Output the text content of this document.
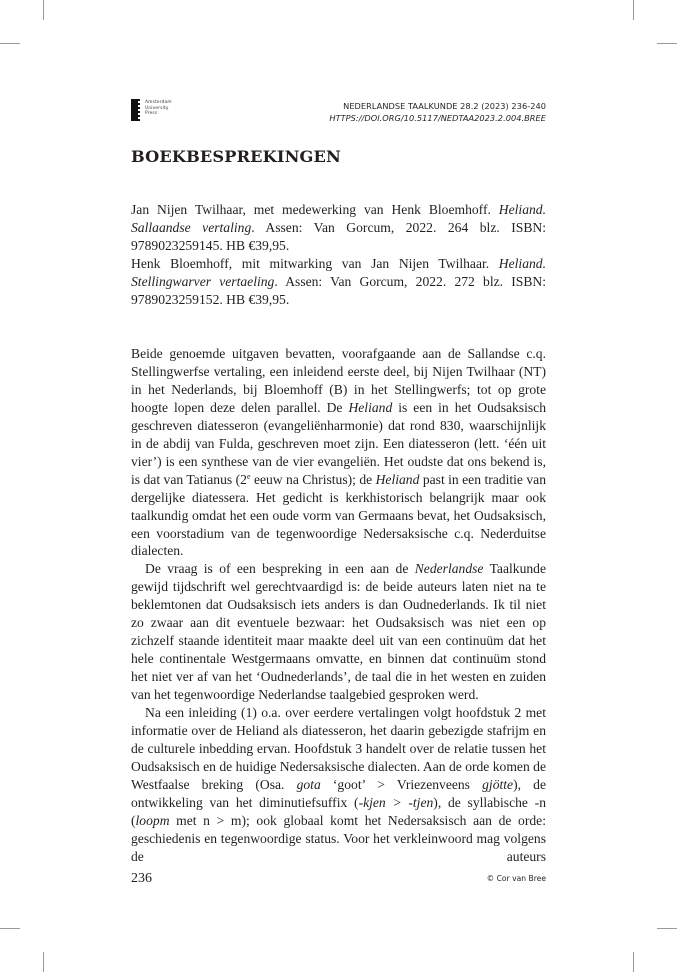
Amsterdam
University
Press
NEDERLANDSE TAALKUNDE 28.2 (2023) 236-240
HTTPS://DOI.ORG/10.5117/NEDTAA2023.2.004.BREE
BOEKBESPREKINGEN

Jan Nijen Twilhaar, met medewerking van Henk Bloemhoff. Heliand. Sallaandse vertaling. Assen: Van Gorcum, 2022. 264 blz. ISBN: 9789023259145. HB €39,95.

Henk Bloemhoff, mit mitwarking van Jan Nijen Twilhaar. Heliand. Stellingwarver vertaeling. Assen: Van Gorcum, 2022. 272 blz. ISBN: 9789023259152. HB €39,95.

Beide genoemde uitgaven bevatten, voorafgaande aan de Sallandse c.q. Stellingwerfse vertaling, een inleidend eerste deel, bij Nijen Twilhaar (NT) in het Nederlands, bij Bloemhoff (B) in het Stellingwerfs; tot op grote hoogte lopen deze delen parallel. De Heliand is een in het Oudsaksisch geschreven diatesseron (evangeliënharmonie) dat rond 830, waarschijnlijk in de abdij van Fulda, geschreven moet zijn. Een diatesseron (lett. ‘één uit vier’) is een synthese van de vier evangeliën. Het oudste dat ons bekend is, is dat van Tatianus (2e eeuw na Christus); de Heliand past in een traditie van dergelijke diatessera. Het gedicht is kerkhistorisch belangrijk maar ook taalkundig omdat het een oude vorm van Germaans bevat, het Oudsaksisch, een voorstadium van de tegenwoordige Nedersaksische c.q. Nederduitse dialecten.

De vraag is of een bespreking in een aan de Nederlandse Taalkunde gewijd tijdschrift wel gerechtvaardigd is: de beide auteurs laten niet na te beklemtonen dat Oudsaksisch iets anders is dan Oudnederlands. Ik til niet zo zwaar aan dit eventuele bezwaar: het Oudsaksisch was niet een op zichzelf staande identiteit maar maakte deel uit van een continuüm dat het hele continentale Westgermaans omvatte, en binnen dat continuüm stond het niet ver af van het ‘Oudnederlands’, de taal die in het westen en zuiden van het tegenwoordige Nederlandse taalgebied gesproken werd.

Na een inleiding (1) o.a. over eerdere vertalingen volgt hoofdstuk 2 met informatie over de Heliand als diatesseron, het daarin gebezigde stafrijm en de culturele inbedding ervan. Hoofdstuk 3 handelt over de relatie tussen het Oudsaksisch en de huidige Nedersaksische dialecten. Aan de orde komen de Westfaalse breking (Osa. gota ‘goot’ > Vriezenveens gjötte), de ontwikkeling van het diminutiefsuffix (-kjen > -tjen), de syllabische -n (loopm met n > m); ook globaal komt het Nedersaksisch aan de orde: geschiedenis en tegenwoordige status. Voor het verkleinwoord mag volgens de auteurs

236	© Cor van Bree
